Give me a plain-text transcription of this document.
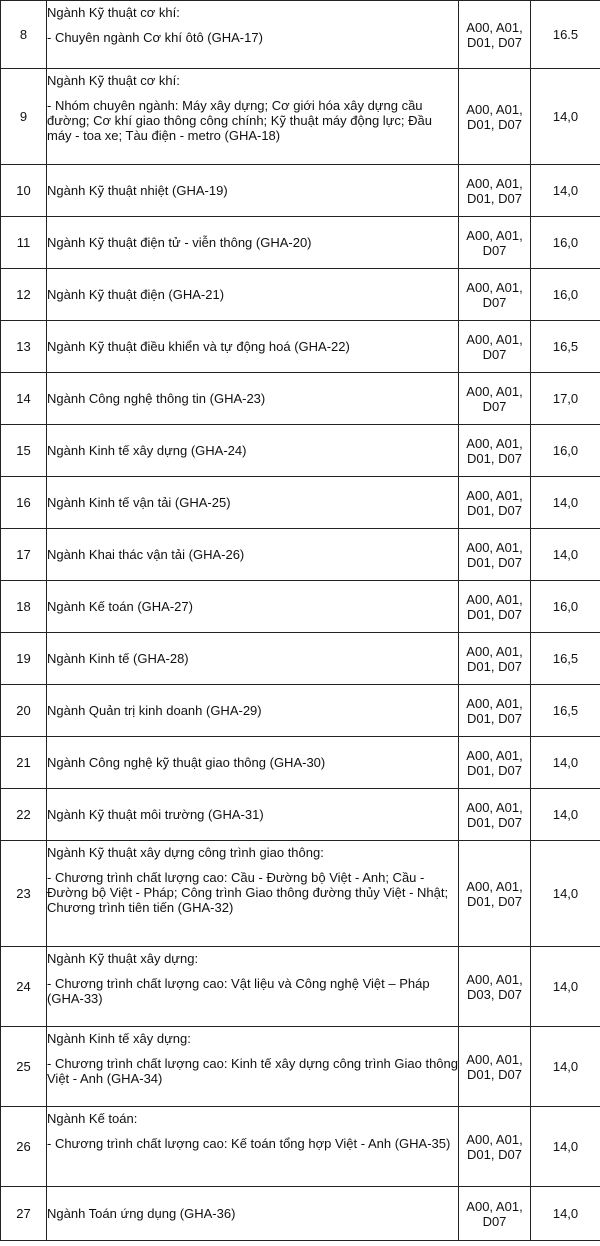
8	Ngành Kỹ thuật cơ khí:
- Chuyên ngành Cơ khí ôtô (GHA-17)	A00, A01, D01, D07	16.5
9	Ngành Kỹ thuật cơ khí:
- Nhóm chuyên ngành: Máy xây dựng; Cơ giới hóa xây dựng cầu đường; Cơ khí giao thông công chính; Kỹ thuật máy động lực; Đầu máy - toa xe; Tàu điện - metro (GHA-18)	A00, A01, D01, D07	14,0
10	Ngành Kỹ thuật nhiệt (GHA-19)	A00, A01, D01, D07	14,0
11	Ngành Kỹ thuật điện tử - viễn thông (GHA-20)	A00, A01, D07	16,0
12	Ngành Kỹ thuật điện (GHA-21)	A00, A01, D07	16,0
13	Ngành Kỹ thuật điều khiển và tự động hoá (GHA-22)	A00, A01, D07	16,5
14	Ngành Công nghệ thông tin (GHA-23)	A00, A01, D07	17,0
15	Ngành Kinh tế xây dựng (GHA-24)	A00, A01, D01, D07	16,0
16	Ngành Kinh tế vận tải (GHA-25)	A00, A01, D01, D07	14,0
17	Ngành Khai thác vận tải (GHA-26)	A00, A01, D01, D07	14,0
18	Ngành Kế toán (GHA-27)	A00, A01, D01, D07	16,0
19	Ngành Kinh tế (GHA-28)	A00, A01, D01, D07	16,5
20	Ngành Quản trị kinh doanh (GHA-29)	A00, A01, D01, D07	16,5
21	Ngành Công nghệ kỹ thuật giao thông (GHA-30)	A00, A01, D01, D07	14,0
22	Ngành Kỹ thuật môi trường (GHA-31)	A00, A01, D01, D07	14,0
23	Ngành Kỹ thuật xây dựng công trình giao thông:
- Chương trình chất lượng cao: Cầu - Đường bộ Việt - Anh; Cầu - Đường bộ Việt - Pháp; Công trình Giao thông đường thủy Việt - Nhật; Chương trình tiên tiến (GHA-32)	A00, A01, D01, D07	14,0
24	Ngành Kỹ thuật xây dựng:
- Chương trình chất lượng cao: Vật liệu và Công nghệ Việt – Pháp (GHA-33)	A00, A01, D03, D07	14,0
25	Ngành Kinh tế xây dựng:
- Chương trình chất lượng cao: Kinh tế xây dựng công trình Giao thông Việt - Anh (GHA-34)	A00, A01, D01, D07	14,0
26	Ngành Kế toán:
- Chương trình chất lượng cao: Kế toán tổng hợp Việt - Anh (GHA-35)	A00, A01, D01, D07	14,0
27	Ngành Toán ứng dụng (GHA-36)	A00, A01, D07	14,0
